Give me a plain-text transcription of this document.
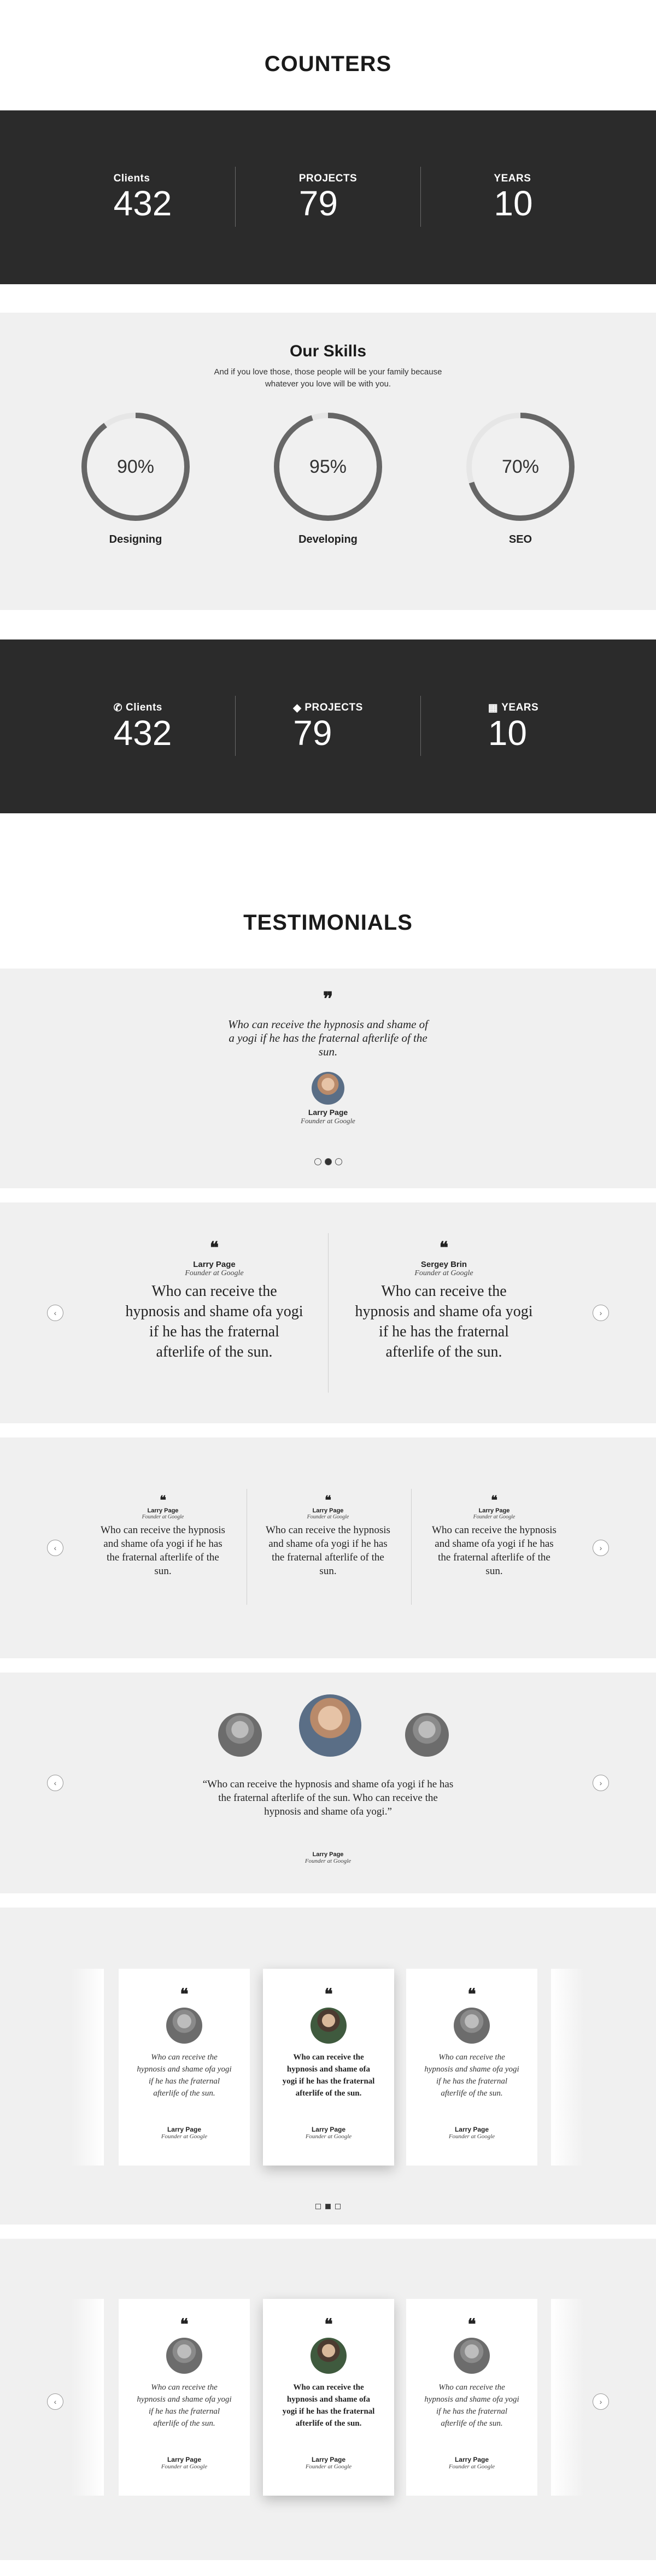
COUNTERS
Clients
432
PROJECTS
79
YEARS
10
Our Skills

And if you love those, those people will be your family because whatever you love will be with you.

90%
Designing
95%
Developing
70%
SEO
✆ Clients
432
◆ PROJECTS
79
▦ YEARS
10
TESTIMONIALS
❞
Who can receive the hypnosis and shame of a yogi if he has the fraternal afterlife of the sun.
Larry Page
Founder at Google
‹	›
❝
Larry Page
Founder at Google
Who can receive the hypnosis and shame ofa yogi if he has the fraternal afterlife of the sun.
❝
Sergey Brin
Founder at Google
Who can receive the hypnosis and shame ofa yogi if he has the fraternal afterlife of the sun.
‹	›
❝
Larry Page
Founder at Google
Who can receive the hypnosis and shame ofa yogi if he has the fraternal afterlife of the sun.
❝
Larry Page
Founder at Google
Who can receive the hypnosis and shame ofa yogi if he has the fraternal afterlife of the sun.
❝
Larry Page
Founder at Google
Who can receive the hypnosis and shame ofa yogi if he has the fraternal afterlife of the sun.
‹	›
“Who can receive the hypnosis and shame ofa yogi if he has the fraternal afterlife of the sun. Who can receive the hypnosis and shame ofa yogi.”
Larry Page
Founder at Google
❝
Who can receive the hypnosis and shame ofa yogi if he has the fraternal afterlife of the sun.
Larry Page
Founder at Google
❝
Who can receive the hypnosis and shame ofa yogi if he has the fraternal afterlife of the sun.
Larry Page
Founder at Google
❝
Who can receive the hypnosis and shame ofa yogi if he has the fraternal afterlife of the sun.
Larry Page
Founder at Google
‹	›
❝
Who can receive the hypnosis and shame ofa yogi if he has the fraternal afterlife of the sun.
Larry Page
Founder at Google
❝
Who can receive the hypnosis and shame ofa yogi if he has the fraternal afterlife of the sun.
Larry Page
Founder at Google
❝
Who can receive the hypnosis and shame ofa yogi if he has the fraternal afterlife of the sun.
Larry Page
Founder at Google
